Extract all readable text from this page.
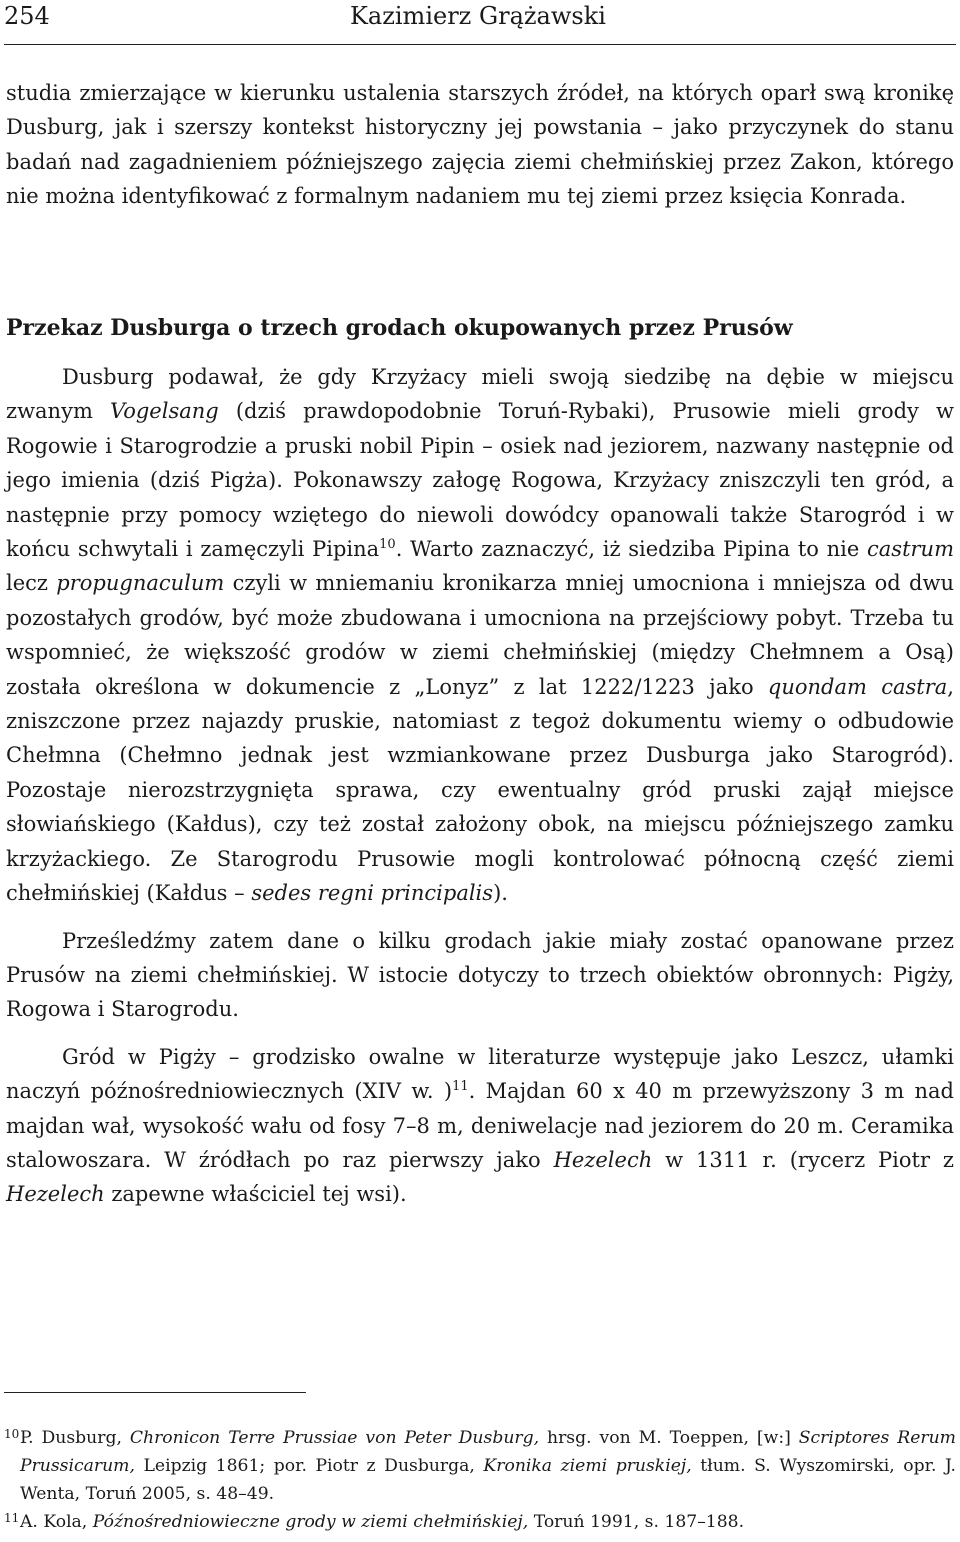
254	Kazimierz Grążawski

studia zmierzające w kierunku ustalenia starszych źródeł, na których oparł swą kronikę Dusburg, jak i szerszy kontekst historyczny jej powstania – jako przyczynek do stanu badań nad zagadnieniem późniejszego zajęcia ziemi chełmińskiej przez Zakon, którego nie można identyfikować z formalnym nadaniem mu tej ziemi przez księcia Konrada.

Przekaz Dusburga o trzech grodach okupowanych przez Prusów

Dusburg podawał, że gdy Krzyżacy mieli swoją siedzibę na dębie w miejscu zwanym Vogelsang (dziś prawdopodobnie Toruń-Rybaki), Prusowie mieli grody w Rogowie i Starogrodzie a pruski nobil Pipin – osiek nad jeziorem, nazwany następnie od jego imienia (dziś Pigża). Pokonawszy załogę Rogowa, Krzyżacy zniszczyli ten gród, a następnie przy pomocy wziętego do niewoli dowódcy opanowali także Starogród i w końcu schwytali i zamęczyli Pipina$^{10}$. Warto zaznaczyć, iż siedziba Pipina to nie castrum lecz propugnaculum czyli w mniemaniu kronikarza mniej umocniona i mniejsza od dwu pozostałych grodów, być może zbudowana i umocniona na przejściowy pobyt. Trzeba tu wspomnieć, że większość grodów w ziemi chełmińskiej (między Chełmnem a Osą) została określona w dokumencie z „Lonyz” z lat 1222/1223 jako quondam castra, zniszczone przez najazdy pruskie, natomiast z tegoż dokumentu wiemy o odbudowie Chełmna (Chełmno jednak jest wzmiankowane przez Dusburga jako Starogród). Pozostaje nierozstrzygnięta sprawa, czy ewentualny gród pruski zajął miejsce słowiańskiego (Kałdus), czy też został założony obok, na miejscu późniejszego zamku krzyżackiego. Ze Starogrodu Prusowie mogli kontrolować północną część ziemi chełmińskiej (Kałdus – sedes regni principalis).

Prześledźmy zatem dane o kilku grodach jakie miały zostać opanowane przez Prusów na ziemi chełmińskiej. W istocie dotyczy to trzech obiektów obronnych: Pigży, Rogowa i Starogrodu.

Gród w Pigży – grodzisko owalne w literaturze występuje jako Leszcz, ułamki naczyń późnośredniowiecznych (XIV w. )$^{11}$. Majdan 60 x 40 m przewyższony 3 m nad majdan wał, wysokość wału od fosy 7–8 m, deniwelacje nad jeziorem do 20 m. Ceramika stalowoszara. W źródłach po raz pierwszy jako Hezelech w 1311 r. (rycerz Piotr z Hezelech zapewne właściciel tej wsi).

10 P. Dusburg, Chronicon Terre Prussiae von Peter Dusburg, hrsg. von M. Toeppen, [w:] Scriptores Rerum Prussicarum, Leipzig 1861; por. Piotr z Dusburga, Kronika ziemi pruskiej, tłum. S. Wyszomirski, opr. J. Wenta, Toruń 2005, s. 48–49.
11 A. Kola, Późnośredniowieczne grody w ziemi chełmińskiej, Toruń 1991, s. 187–188.
